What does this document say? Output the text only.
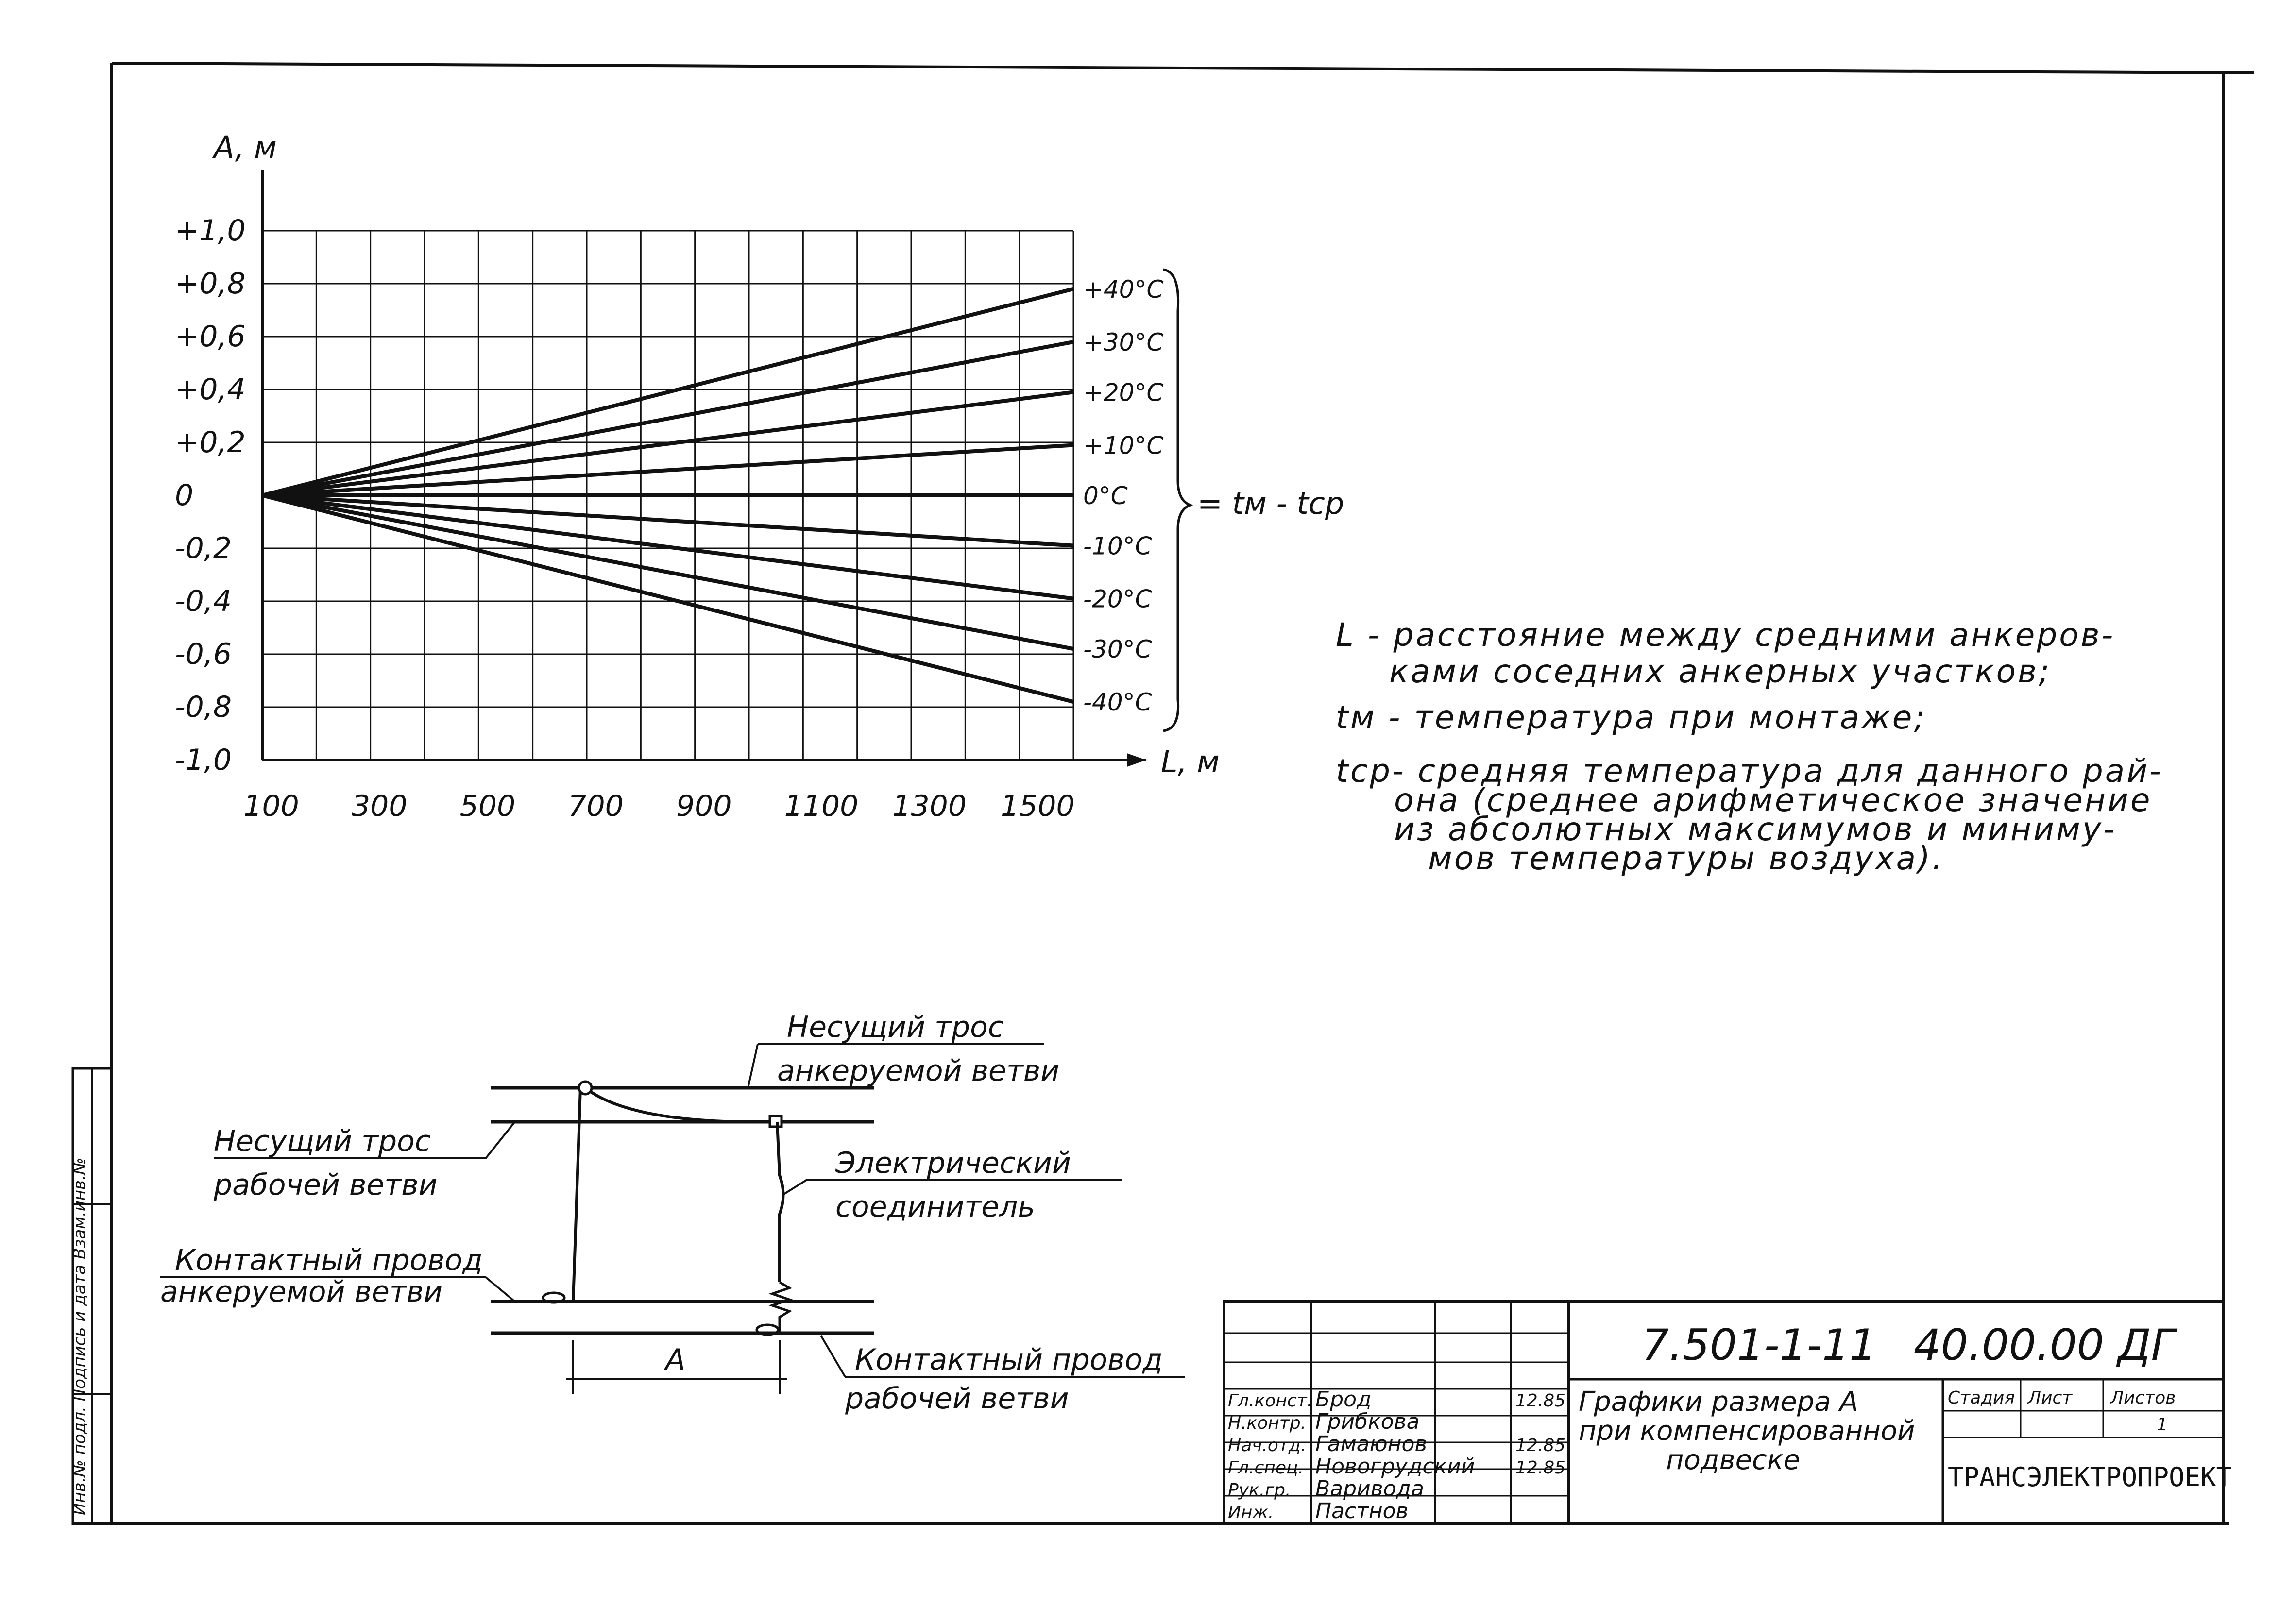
Инв.№ подл. Подпись и дата Взам.инв.№
+1,0
+0,8
+0,6
+0,4
+0,2
0
-0,2
-0,4
-0,6
-0,8
-1,0
100 300 500 700 900 1100 1300 1500
+40°C
+30°C
+20°C
+10°C
0°C
-10°C
-20°C
-30°C
-40°C
A, м
L, м
= tм - tср
L - расстояние между средними анкеров-
ками соседних анкерных участков;
tм - температура при монтаже;
tср- средняя температура для данного рай-
она (среднее арифметическое значение
из абсолютных максимумов и миниму-
мов температуры воздуха).
A
Несущий трос
анкеруемой ветви
Несущий трос
рабочей ветви
Электрический
соединитель
Контактный провод
анкеруемой ветви
Контактный провод
рабочей ветви
7.501-1-11 40.00.00 ДГ
Графики размера А
при компенсированной
подвеске
Стадия Лист Листов
1
ТРАНСЭЛЕКТРОПРОЕКТ
Гл.конст. Брод	12.85
Н.контр. Грибкова
Нач.отд. Гамаюнов	12.85
Гл.спец. Новогрудский 12.85
Рук.гр. Варивода
Инж. Пастнов
